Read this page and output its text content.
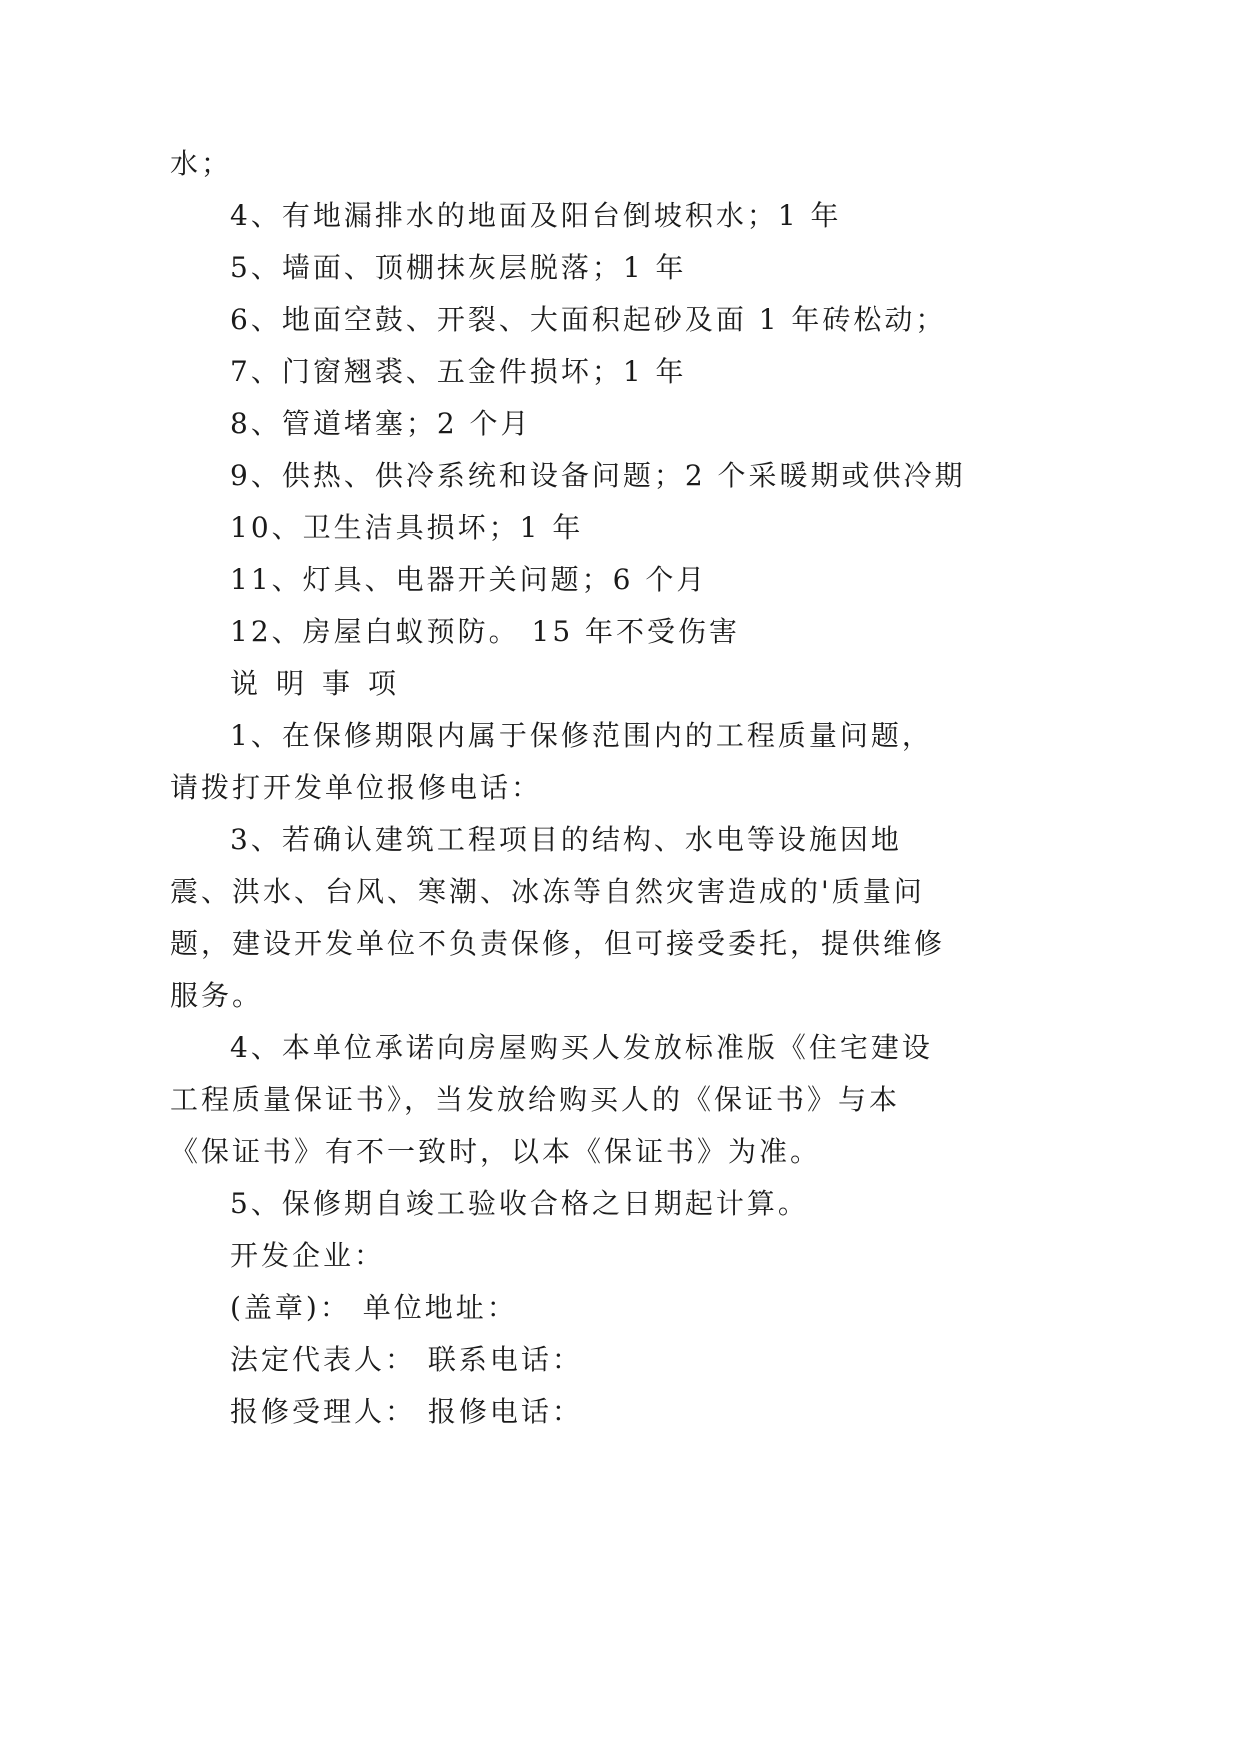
水；

4、有地漏排水的地面及阳台倒坡积水；1 年

5、墙面、顶棚抹灰层脱落；1 年

6、地面空鼓、开裂、大面积起砂及面 1 年砖松动；

7、门窗翘裘、五金件损坏；1 年

8、管道堵塞；2 个月

9、供热、供冷系统和设备问题；2 个采暖期或供冷期

10、卫生洁具损坏；1 年

11、灯具、电器开关问题；6 个月

12、房屋白蚁预防。 15 年不受伤害

说明事项

1、在保修期限内属于保修范围内的工程质量问题，请拨打开发单位报修电话：

3、若确认建筑工程项目的结构、水电等设施因地震、洪水、台风、寒潮、冰冻等自然灾害造成的'质量问题，建设开发单位不负责保修，但可接受委托，提供维修服务。

4、本单位承诺向房屋购买人发放标准版《住宅建设工程质量保证书》，当发放给购买人的《保证书》与本《保证书》有不一致时，以本《保证书》为准。

5、保修期自竣工验收合格之日期起计算。

开发企业：

(盖章)： 单位地址：

法定代表人： 联系电话：

报修受理人： 报修电话：
